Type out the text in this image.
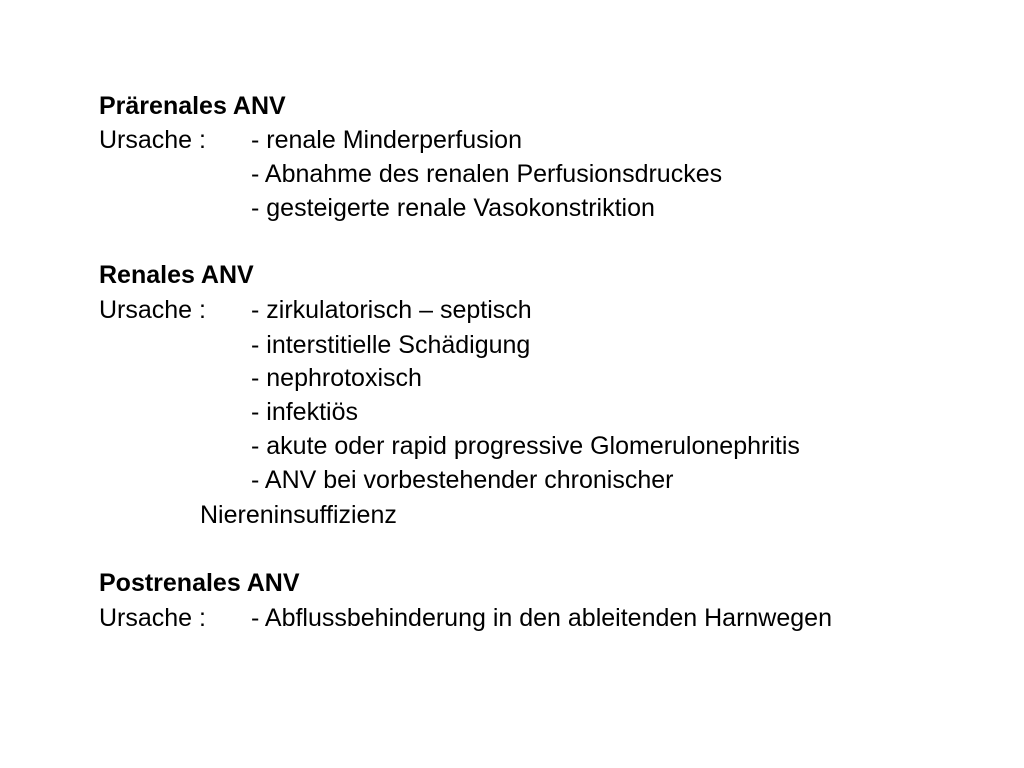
Prärenales ANV
Ursache : - renale Minderperfusion
- Abnahme des renalen Perfusionsdruckes
- gesteigerte renale Vasokonstriktion
Renales ANV
Ursache : - zirkulatorisch – septisch
- interstitielle Schädigung
- nephrotoxisch
- infektiös
- akute oder rapid progressive Glomerulonephritis
- ANV bei vorbestehender chronischer
Niereninsuffizienz
Postrenales ANV
Ursache : - Abflussbehinderung in den ableitenden Harnwegen
